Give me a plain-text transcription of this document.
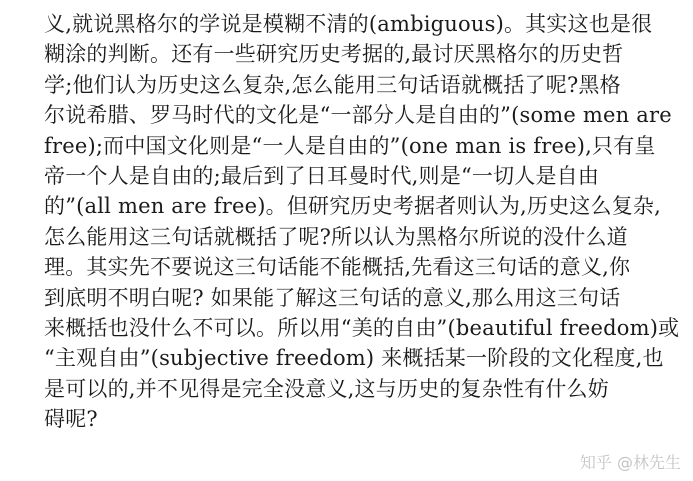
义,就说黑格尔的学说是模糊不清的(ambiguous)。其实这也是很
糊涂的判断。还有一些研究历史考据的,最讨厌黑格尔的历史哲
学;他们认为历史这么复杂,怎么能用三句话语就概括了呢?黑格
尔说希腊、罗马时代的文化是“一部分人是自由的”(some men are
free);而中国文化则是“一人是自由的”(one man is free),只有皇
帝一个人是自由的;最后到了日耳曼时代,则是“一切人是自由
的”(all men are free)。但研究历史考据者则认为,历史这么复杂,
怎么能用这三句话就概括了呢?所以认为黑格尔所说的没什么道
理。其实先不要说这三句话能不能概括,先看这三句话的意义,你
到底明不明白呢? 如果能了解这三句话的意义,那么用这三句话
来概括也没什么不可以。所以用“美的自由”(beautiful freedom)或
“主观自由”(subjective freedom) 来概括某一阶段的文化程度,也
是可以的,并不见得是完全没意义,这与历史的复杂性有什么妨
碍呢?
知乎 @林先生
